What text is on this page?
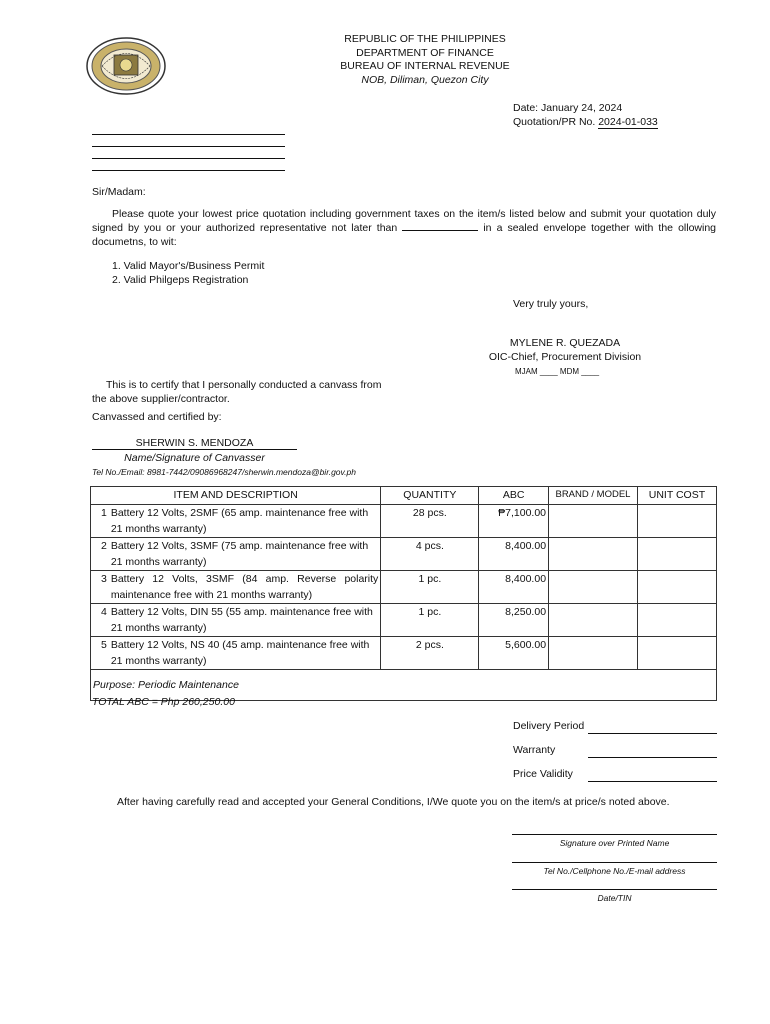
REPUBLIC OF THE PHILIPPINES
DEPARTMENT OF FINANCE
BUREAU OF INTERNAL REVENUE
NOB, Diliman, Quezon City
Date: January 24, 2024
Quotation/PR No. 2024-01-033
Sir/Madam:
Please quote your lowest price quotation including government taxes on the item/s listed below and submit your quotation duly signed by you or your authorized representative not later than	in a sealed envelope together with the ollowing documetns, to wit:
1. Valid Mayor's/Business Permit
2. Valid Philgeps Registration
Very truly yours,
MYLENE R. QUEZADA
OIC-Chief, Procurement Division
MJAM ____ MDM ____
This is to certify that I personally conducted a canvass from the above supplier/contractor.
Canvassed and certified by:
SHERWIN S. MENDOZA
Name/Signature of Canvasser
Tel No./Email: 8981-7442/09086968247/sherwin.mendoza@bir.gov.ph
ITEM AND DESCRIPTION		QUANTITY	ABC	BRAND / MODEL	UNIT COST
1	Battery 12 Volts, 2SMF (65 amp. maintenance free with 21 months warranty)	28 pcs.	₱7,100.00		
2	Battery 12 Volts, 3SMF (75 amp. maintenance free with 21 months warranty)	4 pcs.	8,400.00		
3	Battery 12 Volts, 3SMF (84 amp. Reverse polarity maintenance free with 21 months warranty)	1 pc.	8,400.00		
4	Battery 12 Volts, DIN 55 (55 amp. maintenance free with 21 months warranty)	1 pc.	8,250.00		
5	Battery 12 Volts, NS 40 (45 amp. maintenance free with 21 months warranty)	2 pcs.	5,600.00		
Purpose: Periodic Maintenance					
TOTAL ABC = Php 260,250.00
Delivery Period
Warranty
Price Validity
After having carefully read and accepted your General Conditions, I/We quote you on the item/s at price/s noted above.
Signature over Printed Name
Tel No./Cellphone No./E-mail address
Date/TIN
